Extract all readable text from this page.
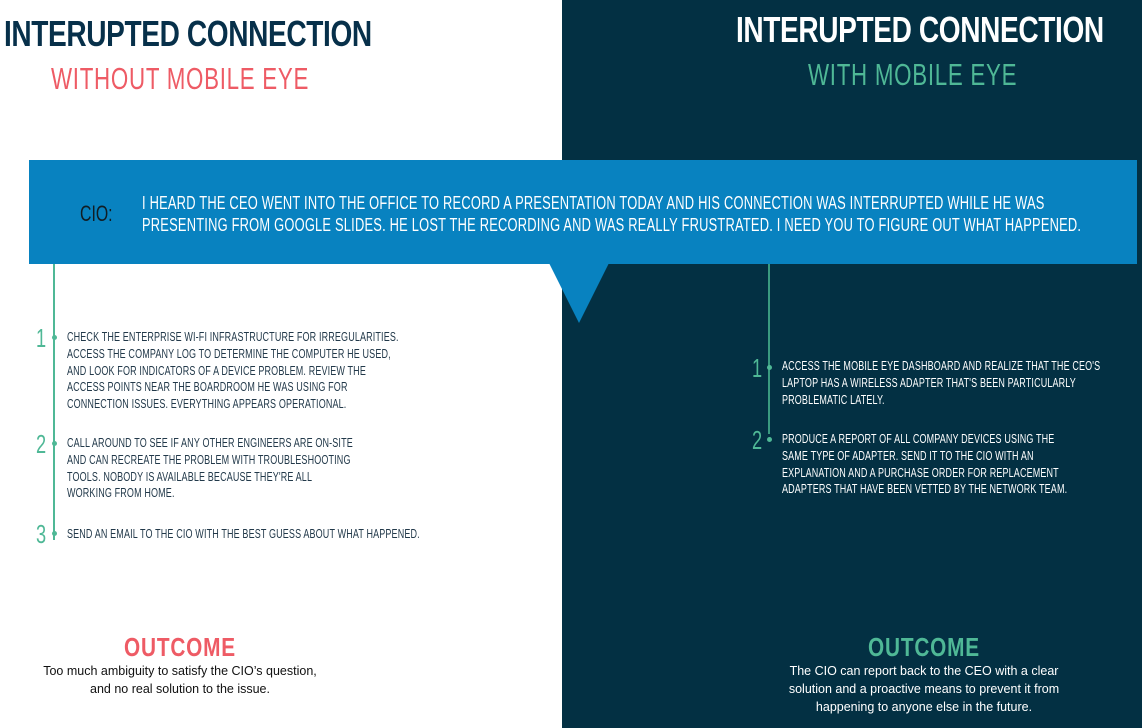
INTERUPTED CONNECTION
WITHOUT MOBILE EYE
1 CHECK THE ENTERPRISE WI-FI INFRASTRUCTURE FOR IRREGULARITIES.
ACCESS THE COMPANY LOG TO DETERMINE THE COMPUTER HE USED,
AND LOOK FOR INDICATORS OF A DEVICE PROBLEM. REVIEW THE
ACCESS POINTS NEAR THE BOARDROOM HE WAS USING FOR
CONNECTION ISSUES. EVERYTHING APPEARS OPERATIONAL.
2 CALL AROUND TO SEE IF ANY OTHER ENGINEERS ARE ON-SITE
AND CAN RECREATE THE PROBLEM WITH TROUBLESHOOTING
TOOLS. NOBODY IS AVAILABLE BECAUSE THEY'RE ALL
WORKING FROM HOME.
3 SEND AN EMAIL TO THE CIO WITH THE BEST GUESS ABOUT WHAT HAPPENED.
OUTCOME
Too much ambiguity to satisfy the CIO’s question,
and no real solution to the issue.
INTERUPTED CONNECTION
WITH MOBILE EYE
1 ACCESS THE MOBILE EYE DASHBOARD AND REALIZE THAT THE CEO'S
LAPTOP HAS A WIRELESS ADAPTER THAT'S BEEN PARTICULARLY
PROBLEMATIC LATELY.
2 PRODUCE A REPORT OF ALL COMPANY DEVICES USING THE
SAME TYPE OF ADAPTER. SEND IT TO THE CIO WITH AN
EXPLANATION AND A PURCHASE ORDER FOR REPLACEMENT
ADAPTERS THAT HAVE BEEN VETTED BY THE NETWORK TEAM.
OUTCOME
The CIO can report back to the CEO with a clear
solution and a proactive means to prevent it from
happening to anyone else in the future.
CIO: I HEARD THE CEO WENT INTO THE OFFICE TO RECORD A PRESENTATION TODAY AND HIS CONNECTION WAS INTERRUPTED WHILE HE WAS
PRESENTING FROM GOOGLE SLIDES. HE LOST THE RECORDING AND WAS REALLY FRUSTRATED. I NEED YOU TO FIGURE OUT WHAT HAPPENED.
